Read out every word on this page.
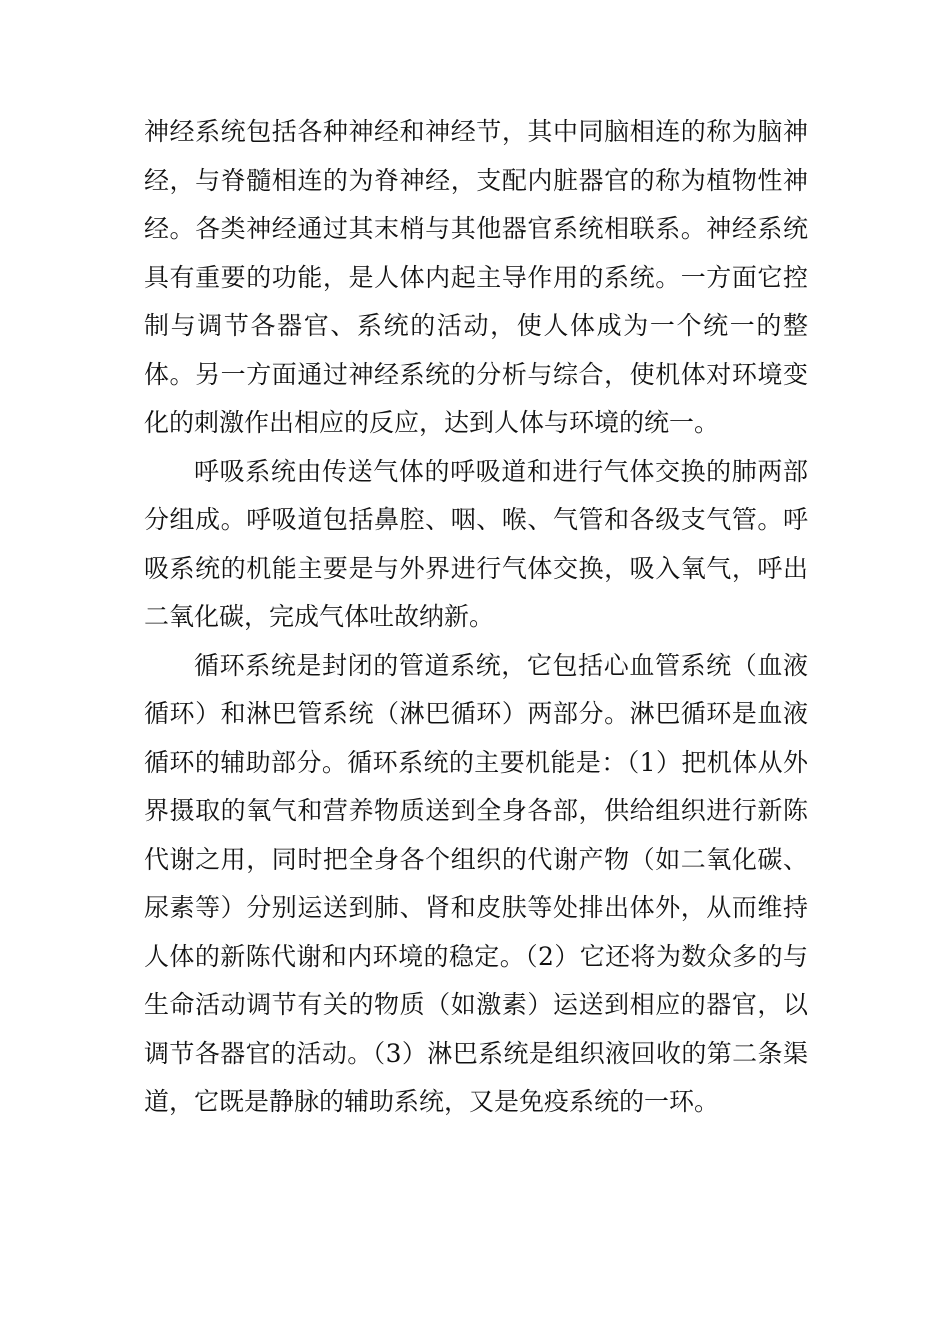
神经系统包括各种神经和神经节，其中同脑相连的称为脑神经，与脊髓相连的为脊神经，支配内脏器官的称为植物性神经。各类神经通过其末梢与其他器官系统相联系。神经系统具有重要的功能，是人体内起主导作用的系统。一方面它控制与调节各器官、系统的活动，使人体成为一个统一的整体。另一方面通过神经系统的分析与综合，使机体对环境变化的刺激作出相应的反应，达到人体与环境的统一。

呼吸系统由传送气体的呼吸道和进行气体交换的肺两部分组成。呼吸道包括鼻腔、咽、喉、气管和各级支气管。呼吸系统的机能主要是与外界进行气体交换，吸入氧气，呼出二氧化碳，完成气体吐故纳新。

循环系统是封闭的管道系统，它包括心血管系统（血液循环）和淋巴管系统（淋巴循环）两部分。淋巴循环是血液循环的辅助部分。循环系统的主要机能是：（1）把机体从外界摄取的氧气和营养物质送到全身各部，供给组织进行新陈代谢之用，同时把全身各个组织的代谢产物（如二氧化碳、尿素等）分别运送到肺、肾和皮肤等处排出体外，从而维持人体的新陈代谢和内环境的稳定。（2）它还将为数众多的与生命活动调节有关的物质（如激素）运送到相应的器官，以调节各器官的活动。（3）淋巴系统是组织液回收的第二条渠道，它既是静脉的辅助系统，又是免疫系统的一环。
